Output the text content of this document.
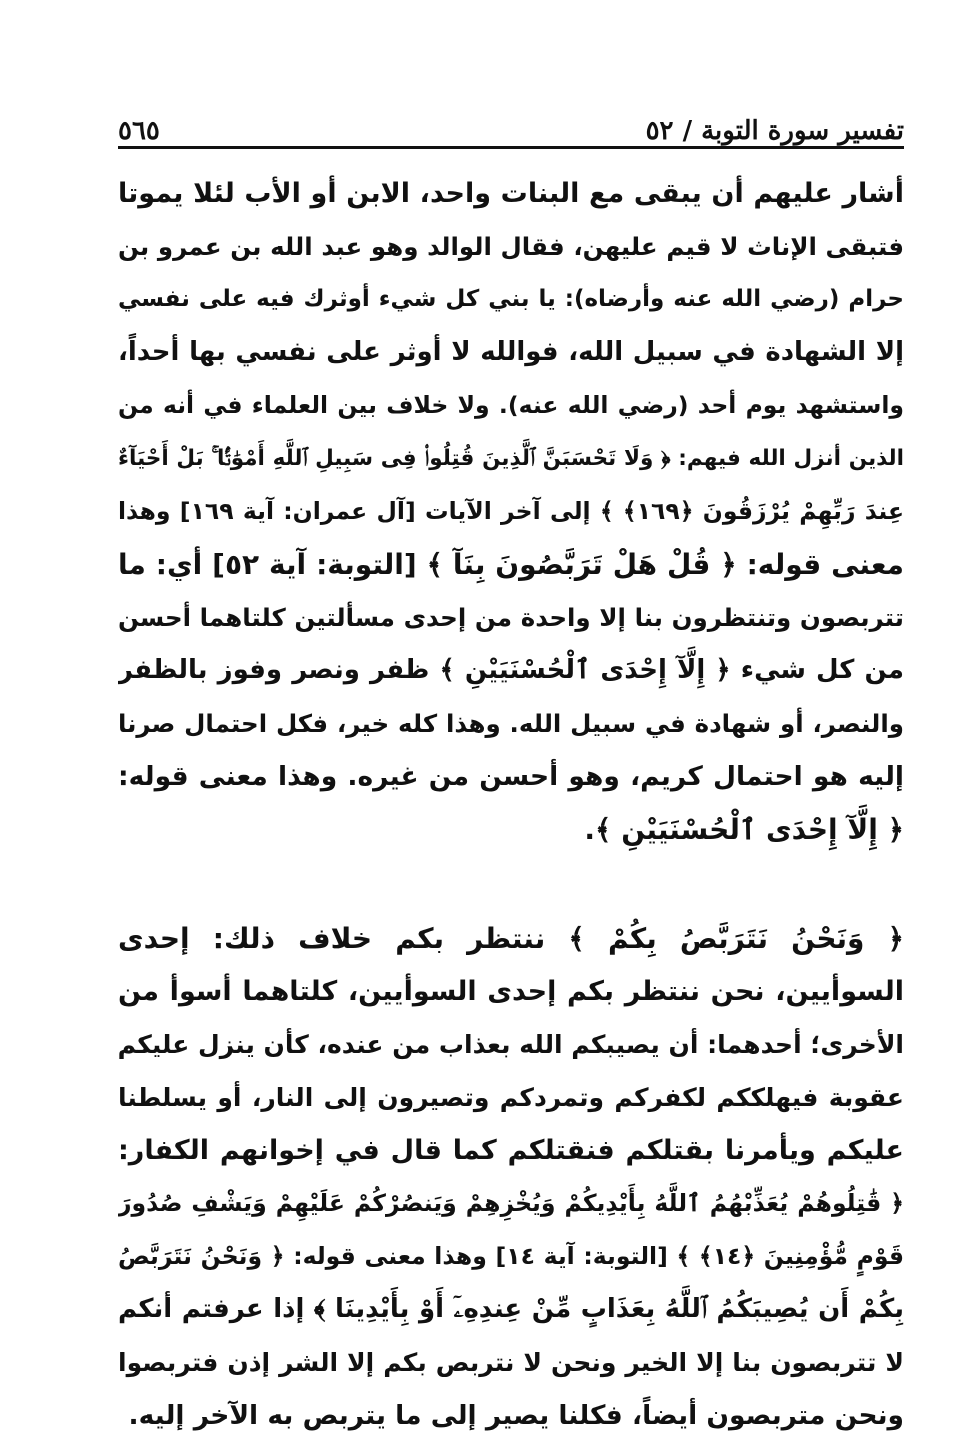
تفسير سورة التوبة / ٥٢
٥٦٥
أشار عليهم أن يبقى مع البنات واحد، الابن أو الأب لئلا يموتا
فتبقى الإناث لا قيم عليهن، فقال الوالد وهو عبد الله بن عمرو بن
حرام (رضي الله عنه وأرضاه): يا بني كل شيء أوثرك فيه على نفسي
إلا الشهادة في سبيل الله، فوالله لا أوثر على نفسي بها أحداً،
واستشهد يوم أحد (رضي الله عنه). ولا خلاف بين العلماء في أنه من
الذين أنزل الله فيهم: ﴿ وَلَا تَحْسَبَنَّ ٱلَّذِينَ قُتِلُوا۟ فِى سَبِيلِ ٱللَّهِ أَمْوَٰتًۢا ۚ بَلْ أَحْيَآءٌ
عِندَ رَبِّهِمْ يُرْزَقُونَ ﴿١٦٩﴾ ﴾ إلى آخر الآيات [آل عمران: آية ١٦٩] وهذا
معنى قوله: ﴿ قُلْ هَلْ تَرَبَّصُونَ بِنَآ ﴾ [التوبة: آية ٥٢] أي: ما
تتربصون وتنتظرون بنا إلا واحدة من إحدى مسألتين كلتاهما أحسن
من كل شيء ﴿ إِلَّآ إِحْدَى ٱلْحُسْنَيَيْنِ ﴾ ظفر ونصر وفوز بالظفر
والنصر، أو شهادة في سبيل الله. وهذا كله خير، فكل احتمال صرنا
إليه هو احتمال كريم، وهو أحسن من غيره. وهذا معنى قوله:
﴿ إِلَّآ إِحْدَى ٱلْحُسْنَيَيْنِ ﴾.
﴿ وَنَحْنُ نَتَرَبَّصُ بِكُمْ ﴾ ننتظر بكم خلاف ذلك: إحدى
السوأيين، نحن ننتظر بكم إحدى السوأيين، كلتاهما أسوأ من
الأخرى؛ أحدهما: أن يصيبكم الله بعذاب من عنده، كأن ينزل عليكم
عقوبة فيهلككم لكفركم وتمردكم وتصيرون إلى النار، أو يسلطنا
عليكم ويأمرنا بقتلكم فنقتلكم كما قال في إخوانهم الكفار:
﴿ قَٰتِلُوهُمْ يُعَذِّبْهُمُ ٱللَّهُ بِأَيْدِيكُمْ وَيُخْزِهِمْ وَيَنصُرْكُمْ عَلَيْهِمْ وَيَشْفِ صُدُورَ
قَوْمٍ مُّؤْمِنِينَ ﴿١٤﴾ ﴾ [التوبة: آية ١٤] وهذا معنى قوله: ﴿ وَنَحْنُ نَتَرَبَّصُ
بِكُمْ أَن يُصِيبَكُمُ ٱللَّهُ بِعَذَابٍ مِّنْ عِندِهِۦٓ أَوْ بِأَيْدِينَا ﴾ إذا عرفتم أنكم
لا تتربصون بنا إلا الخير ونحن لا نتربص بكم إلا الشر إذن فتربصوا
ونحن متربصون أيضاً، فكلنا يصير إلى ما يتربص به الآخر إليه.
